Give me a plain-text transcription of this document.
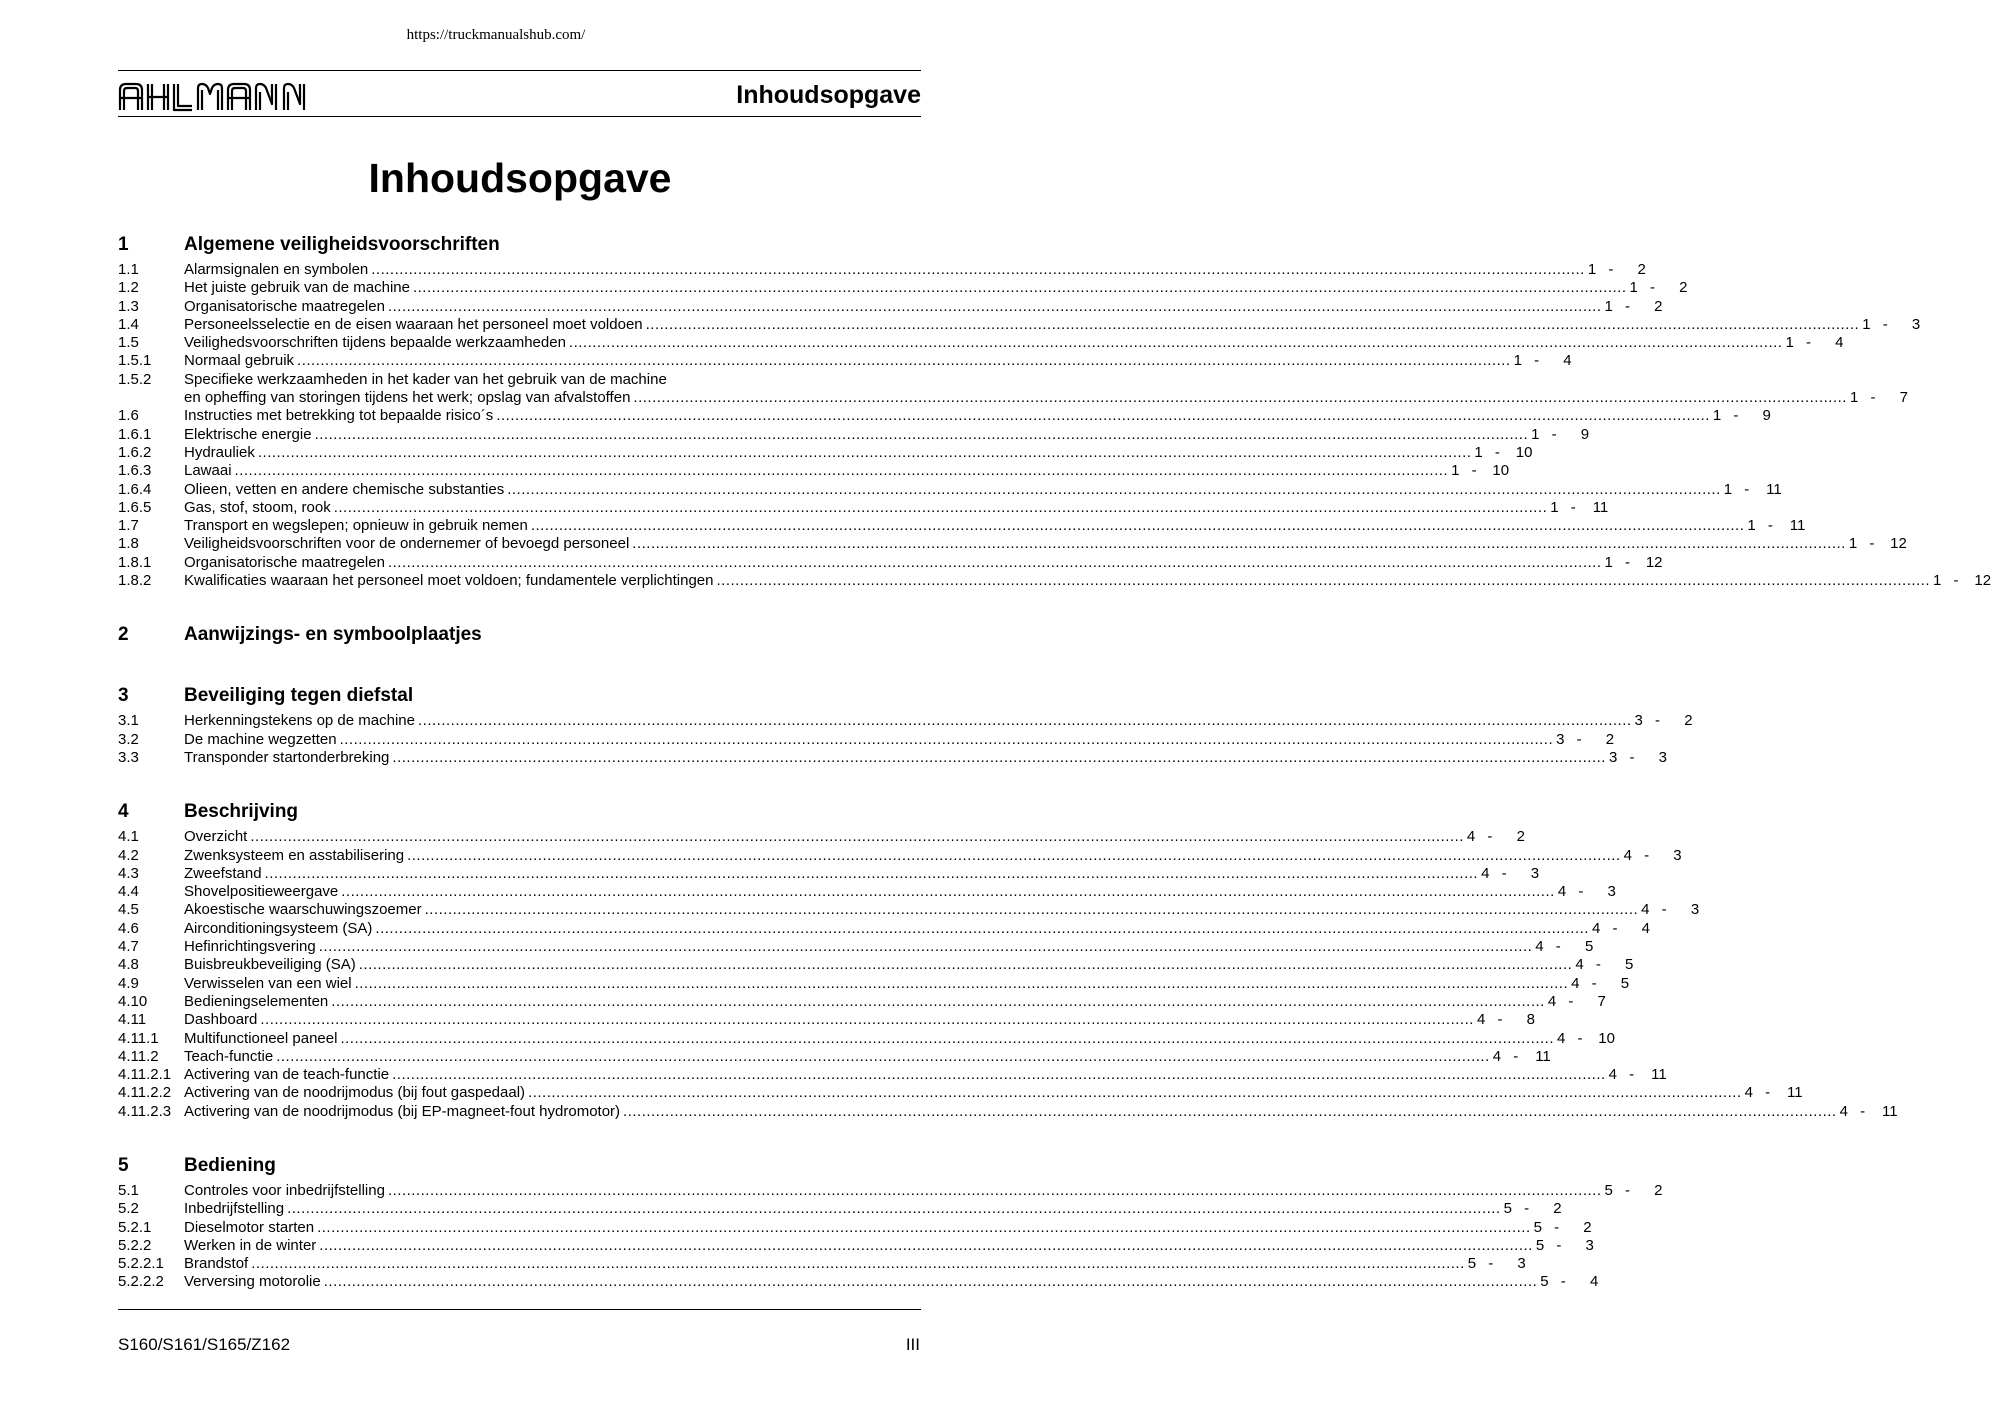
https://truckmanualshub.com/
Inhoudsopgave
Inhoudsopgave
1	Algemene veiligheidsvoorschriften
1.1	Alarmsignalen en symbolen .................................................................................................................................................................................................................................................................... 1 -	2
1.2	Het juiste gebruik van de machine .................................................................................................................................................................................................................................................................... 1 -	2
1.3	Organisatorische maatregelen .................................................................................................................................................................................................................................................................... 1 -	2
1.4	Personeelsselectie en de eisen waaraan het personeel moet voldoen .................................................................................................................................................................................................................................................................... 1 -	3
1.5	Veilighedsvoorschriften tijdens bepaalde werkzaamheden .................................................................................................................................................................................................................................................................... 1 -	4
1.5.1	Normaal gebruik .................................................................................................................................................................................................................................................................... 1 -	4
1.5.2	Specifieke werkzaamheden in het kader van het gebruik van de machine
en opheffing van storingen tijdens het werk; opslag van afvalstoffen .................................................................................................................................................................................................................................................................... 1 -	7
1.6	Instructies met betrekking tot bepaalde risico´s .................................................................................................................................................................................................................................................................... 1 -	9
1.6.1	Elektrische energie .................................................................................................................................................................................................................................................................... 1 -	9
1.6.2	Hydrauliek .................................................................................................................................................................................................................................................................... 1 -	10
1.6.3	Lawaai .................................................................................................................................................................................................................................................................... 1 -	10
1.6.4	Olieen, vetten en andere chemische substanties .................................................................................................................................................................................................................................................................... 1 -	11
1.6.5	Gas, stof, stoom, rook .................................................................................................................................................................................................................................................................... 1 -	11
1.7	Transport en wegslepen; opnieuw in gebruik nemen .................................................................................................................................................................................................................................................................... 1 -	11
1.8	Veiligheidsvoorschriften voor de ondernemer of bevoegd personeel .................................................................................................................................................................................................................................................................... 1 -	12
1.8.1	Organisatorische maatregelen .................................................................................................................................................................................................................................................................... 1 -	12
1.8.2	Kwalificaties waaraan het personeel moet voldoen; fundamentele verplichtingen .................................................................................................................................................................................................................................................................... 1 -	12
2	Aanwijzings- en symboolplaatjes
3	Beveiliging tegen diefstal
3.1	Herkenningstekens op de machine .................................................................................................................................................................................................................................................................... 3 -	2
3.2	De machine wegzetten .................................................................................................................................................................................................................................................................... 3 -	2
3.3	Transponder startonderbreking .................................................................................................................................................................................................................................................................... 3 -	3
4	Beschrijving
4.1	Overzicht .................................................................................................................................................................................................................................................................... 4 -	2
4.2	Zwenksysteem en asstabilisering .................................................................................................................................................................................................................................................................... 4 -	3
4.3	Zweefstand .................................................................................................................................................................................................................................................................... 4 -	3
4.4	Shovelpositieweergave .................................................................................................................................................................................................................................................................... 4 -	3
4.5	Akoestische waarschuwingszoemer .................................................................................................................................................................................................................................................................... 4 -	3
4.6	Airconditioningsysteem (SA) .................................................................................................................................................................................................................................................................... 4 -	4
4.7	Hefinrichtingsvering .................................................................................................................................................................................................................................................................... 4 -	5
4.8	Buisbreukbeveiliging (SA) .................................................................................................................................................................................................................................................................... 4 -	5
4.9	Verwisselen van een wiel .................................................................................................................................................................................................................................................................... 4 -	5
4.10	Bedieningselementen .................................................................................................................................................................................................................................................................... 4 -	7
4.11	Dashboard .................................................................................................................................................................................................................................................................... 4 -	8
4.11.1	Multifunctioneel paneel .................................................................................................................................................................................................................................................................... 4 -	10
4.11.2	Teach-functie .................................................................................................................................................................................................................................................................... 4 -	11
4.11.2.1 Activering van de teach-functie .................................................................................................................................................................................................................................................................... 4 -	11
4.11.2.2 Activering van de noodrijmodus (bij fout gaspedaal) .................................................................................................................................................................................................................................................................... 4 -	11
4.11.2.3 Activering van de noodrijmodus (bij EP-magneet-fout hydromotor) .................................................................................................................................................................................................................................................................... 4 -	11
5	Bediening
5.1	Controles voor inbedrijfstelling .................................................................................................................................................................................................................................................................... 5 -	2
5.2	Inbedrijfstelling .................................................................................................................................................................................................................................................................... 5 -	2
5.2.1	Dieselmotor starten .................................................................................................................................................................................................................................................................... 5 -	2
5.2.2	Werken in de winter .................................................................................................................................................................................................................................................................... 5 -	3
5.2.2.1	Brandstof .................................................................................................................................................................................................................................................................... 5 -	3
5.2.2.2	Verversing motorolie .................................................................................................................................................................................................................................................................... 5 -	4
S160/S161/S165/Z162	III
